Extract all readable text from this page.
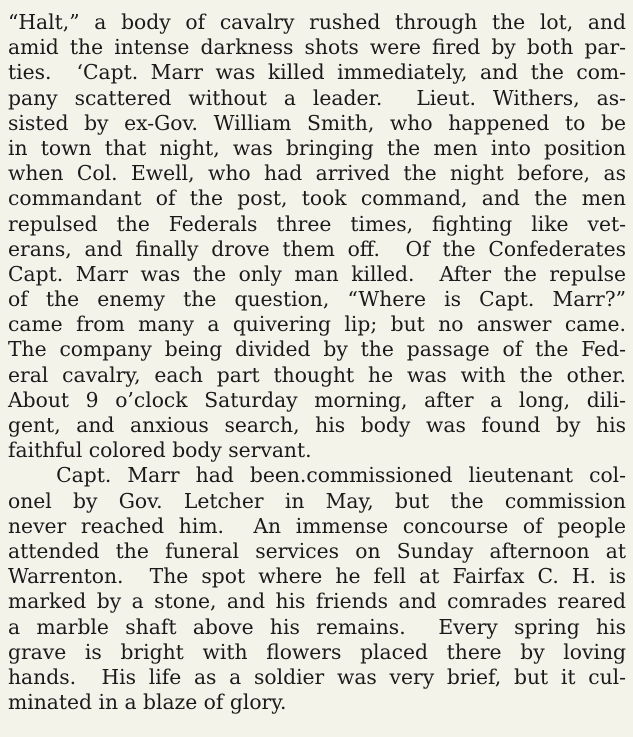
“Halt,” a body of cavalry rushed through the lot, and
amid the intense darkness shots were fired by both par-
ties.  ‘Capt. Marr was killed immediately, and the com-
pany scattered without a leader.  Lieut. Withers, as-
sisted by ex-Gov. William Smith, who happened to be
in town that night, was bringing the men into position
when Col. Ewell, who had arrived the night before, as
commandant of the post, took command, and the men
repulsed the Federals three times, fighting like vet-
erans, and finally drove them off.  Of the Confederates
Capt. Marr was the only man killed.  After the repulse
of the enemy the question, “Where is Capt. Marr?”
came from many a quivering lip; but no answer came.
The company being divided by the passage of the Fed-
eral cavalry, each part thought he was with the other.
About 9 o’clock Saturday morning, after a long, dili-
gent, and anxious search, his body was found by his
faithful colored body servant.
Capt. Marr had been.commissioned lieutenant col-
onel by Gov. Letcher in May, but the commission
never reached him.  An immense concourse of people
attended the funeral services on Sunday afternoon at
Warrenton.  The spot where he fell at Fairfax C. H. is
marked by a stone, and his friends and comrades reared
a marble shaft above his remains.  Every spring his
grave is bright with flowers placed there by loving
hands.  His life as a soldier was very brief, but it cul-
minated in a blaze of glory.
